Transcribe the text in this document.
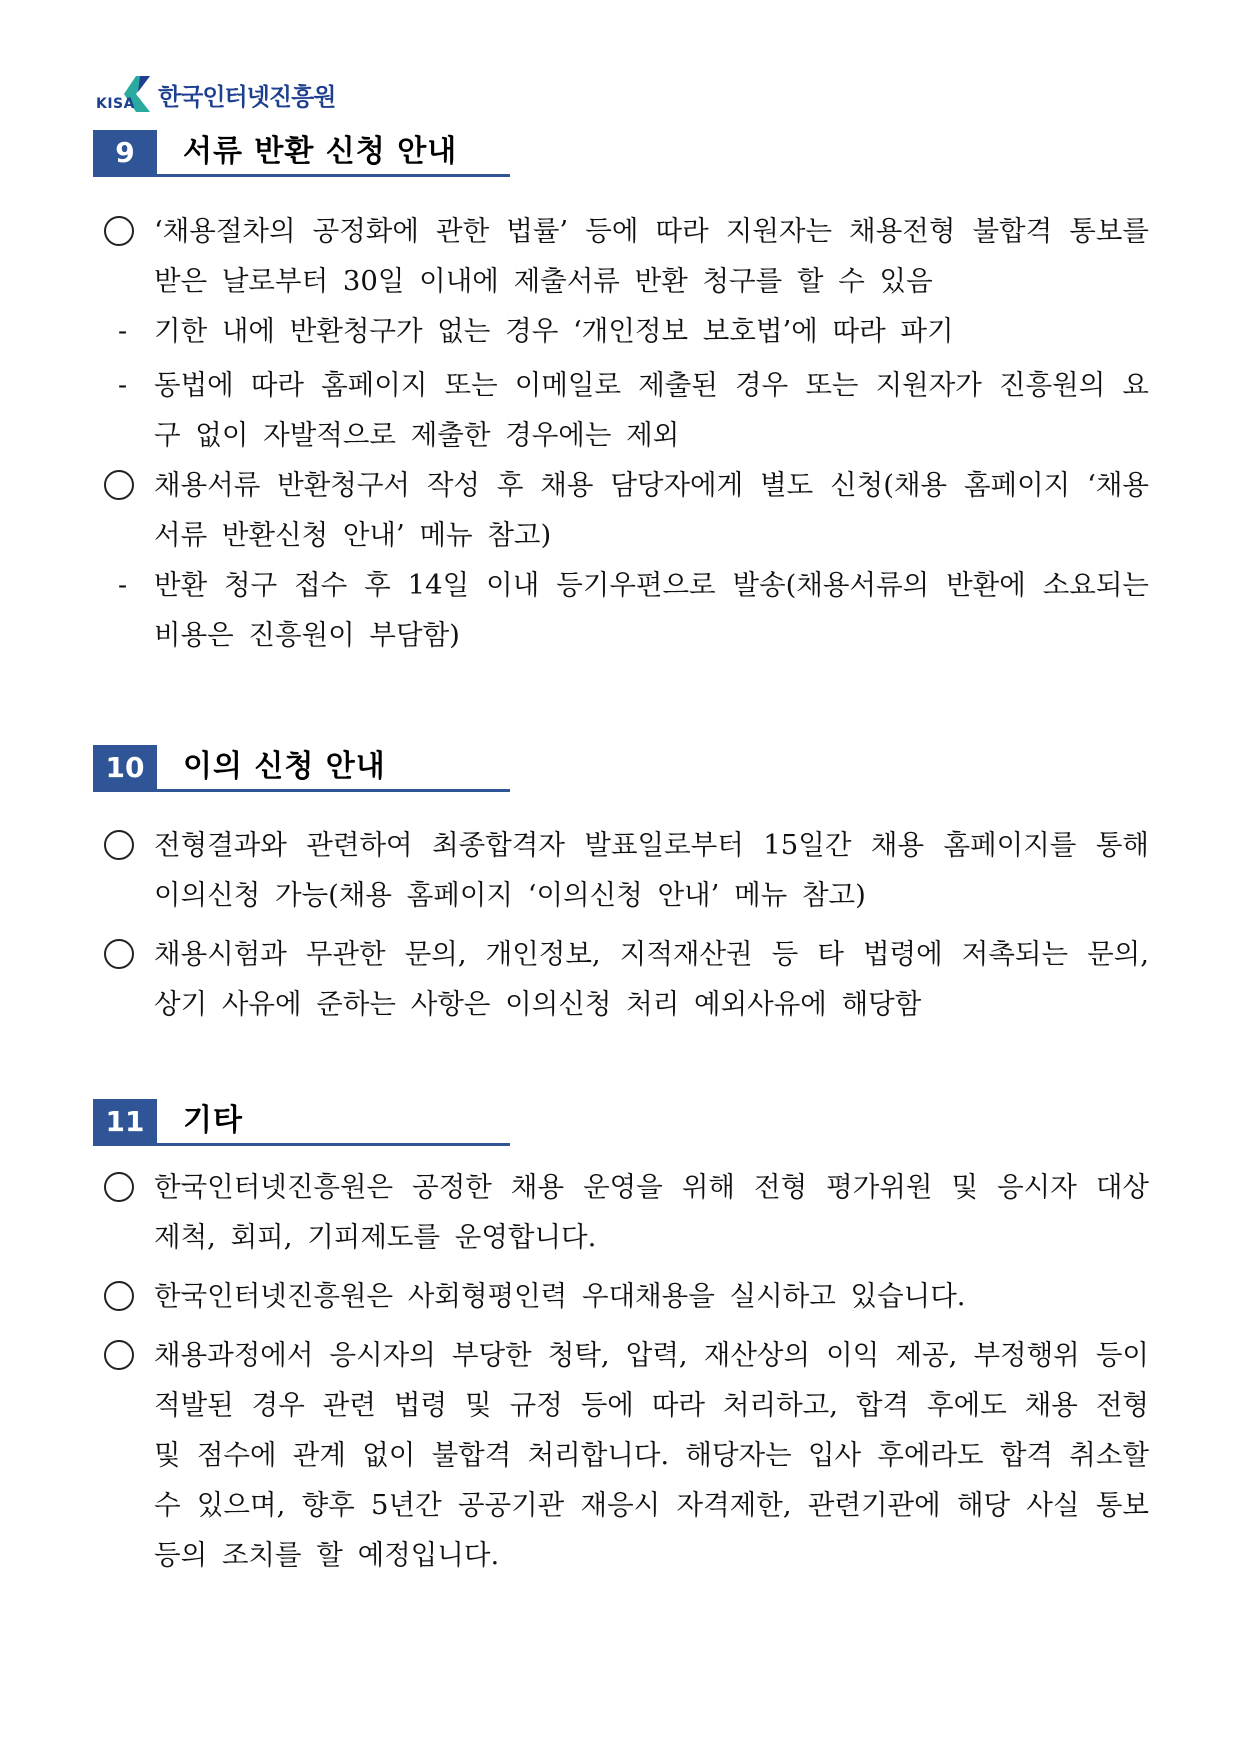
KISA 한국인터넷진흥원
9	서류 반환 신청 안내
‘채용절차의 공정화에 관한 법률’ 등에 따라 지원자는 채용전형 불합격 통보를 받은 날로부터 30일 이내에 제출서류 반환 청구를 할 수 있음
- 기한 내에 반환청구가 없는 경우 ‘개인정보 보호법’에 따라 파기
- 동법에 따라 홈페이지 또는 이메일로 제출된 경우 또는 지원자가 진흥원의 요구 없이 자발적으로 제출한 경우에는 제외
채용서류 반환청구서 작성 후 채용 담당자에게 별도 신청(채용 홈페이지 ‘채용서류 반환신청 안내’ 메뉴 참고)
- 반환 청구 접수 후 14일 이내 등기우편으로 발송(채용서류의 반환에 소요되는 비용은 진흥원이 부담함)
10	이의 신청 안내
전형결과와 관련하여 최종합격자 발표일로부터 15일간 채용 홈페이지를 통해 이의신청 가능(채용 홈페이지 ‘이의신청 안내’ 메뉴 참고)
채용시험과 무관한 문의, 개인정보, 지적재산권 등 타 법령에 저촉되는 문의, 상기 사유에 준하는 사항은 이의신청 처리 예외사유에 해당함
11	기타
한국인터넷진흥원은 공정한 채용 운영을 위해 전형 평가위원 및 응시자 대상 제척, 회피, 기피제도를 운영합니다.
한국인터넷진흥원은 사회형평인력 우대채용을 실시하고 있습니다.
채용과정에서 응시자의 부당한 청탁, 압력, 재산상의 이익 제공, 부정행위 등이 적발된 경우 관련 법령 및 규정 등에 따라 처리하고, 합격 후에도 채용 전형 및 점수에 관계 없이 불합격 처리합니다. 해당자는 입사 후에라도 합격 취소할 수 있으며, 향후 5년간 공공기관 재응시 자격제한, 관련기관에 해당 사실 통보 등의 조치를 할 예정입니다.
